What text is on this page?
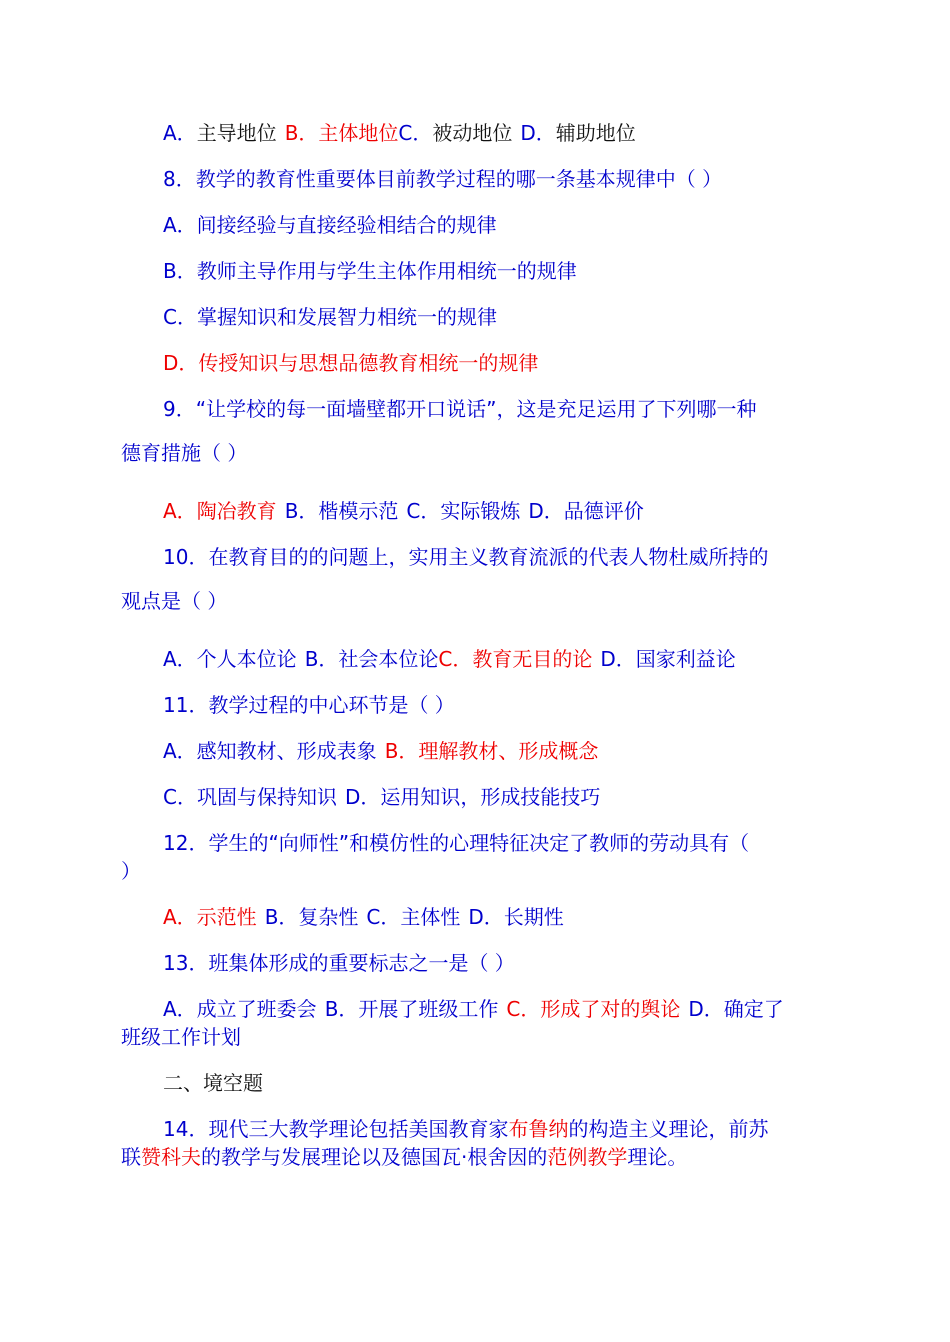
A．主导地位 B．主体地位C．被动地位 D．辅助地位
8．教学的教育性重要体目前教学过程的哪一条基本规律中（ ）
A．间接经验与直接经验相结合的规律
B．教师主导作用与学生主体作用相统一的规律
C．掌握知识和发展智力相统一的规律
D．传授知识与思想品德教育相统一的规律
9．“让学校的每一面墙壁都开口说话”，这是充足运用了下列哪一种
德育措施（ ）
A．陶冶教育 B．楷模示范 C．实际锻炼 D．品德评价
10．在教育目的的问题上，实用主义教育流派的代表人物杜威所持的
观点是（ ）
A．个人本位论 B．社会本位论C．教育无目的论 D．国家利益论
11．教学过程的中心环节是（ ）
A．感知教材、形成表象 B．理解教材、形成概念
C．巩固与保持知识 D．运用知识，形成技能技巧
12．学生的“向师性”和模仿性的心理特征决定了教师的劳动具有（
）
A．示范性 B．复杂性 C．主体性 D．长期性
13．班集体形成的重要标志之一是（ ）
A．成立了班委会 B．开展了班级工作 C．形成了对的舆论 D．确定了
班级工作计划
二、境空题
14．现代三大教学理论包括美国教育家布鲁纳的构造主义理论，前苏
联赞科夫的教学与发展理论以及德国瓦·根舍因的范例教学理论。
